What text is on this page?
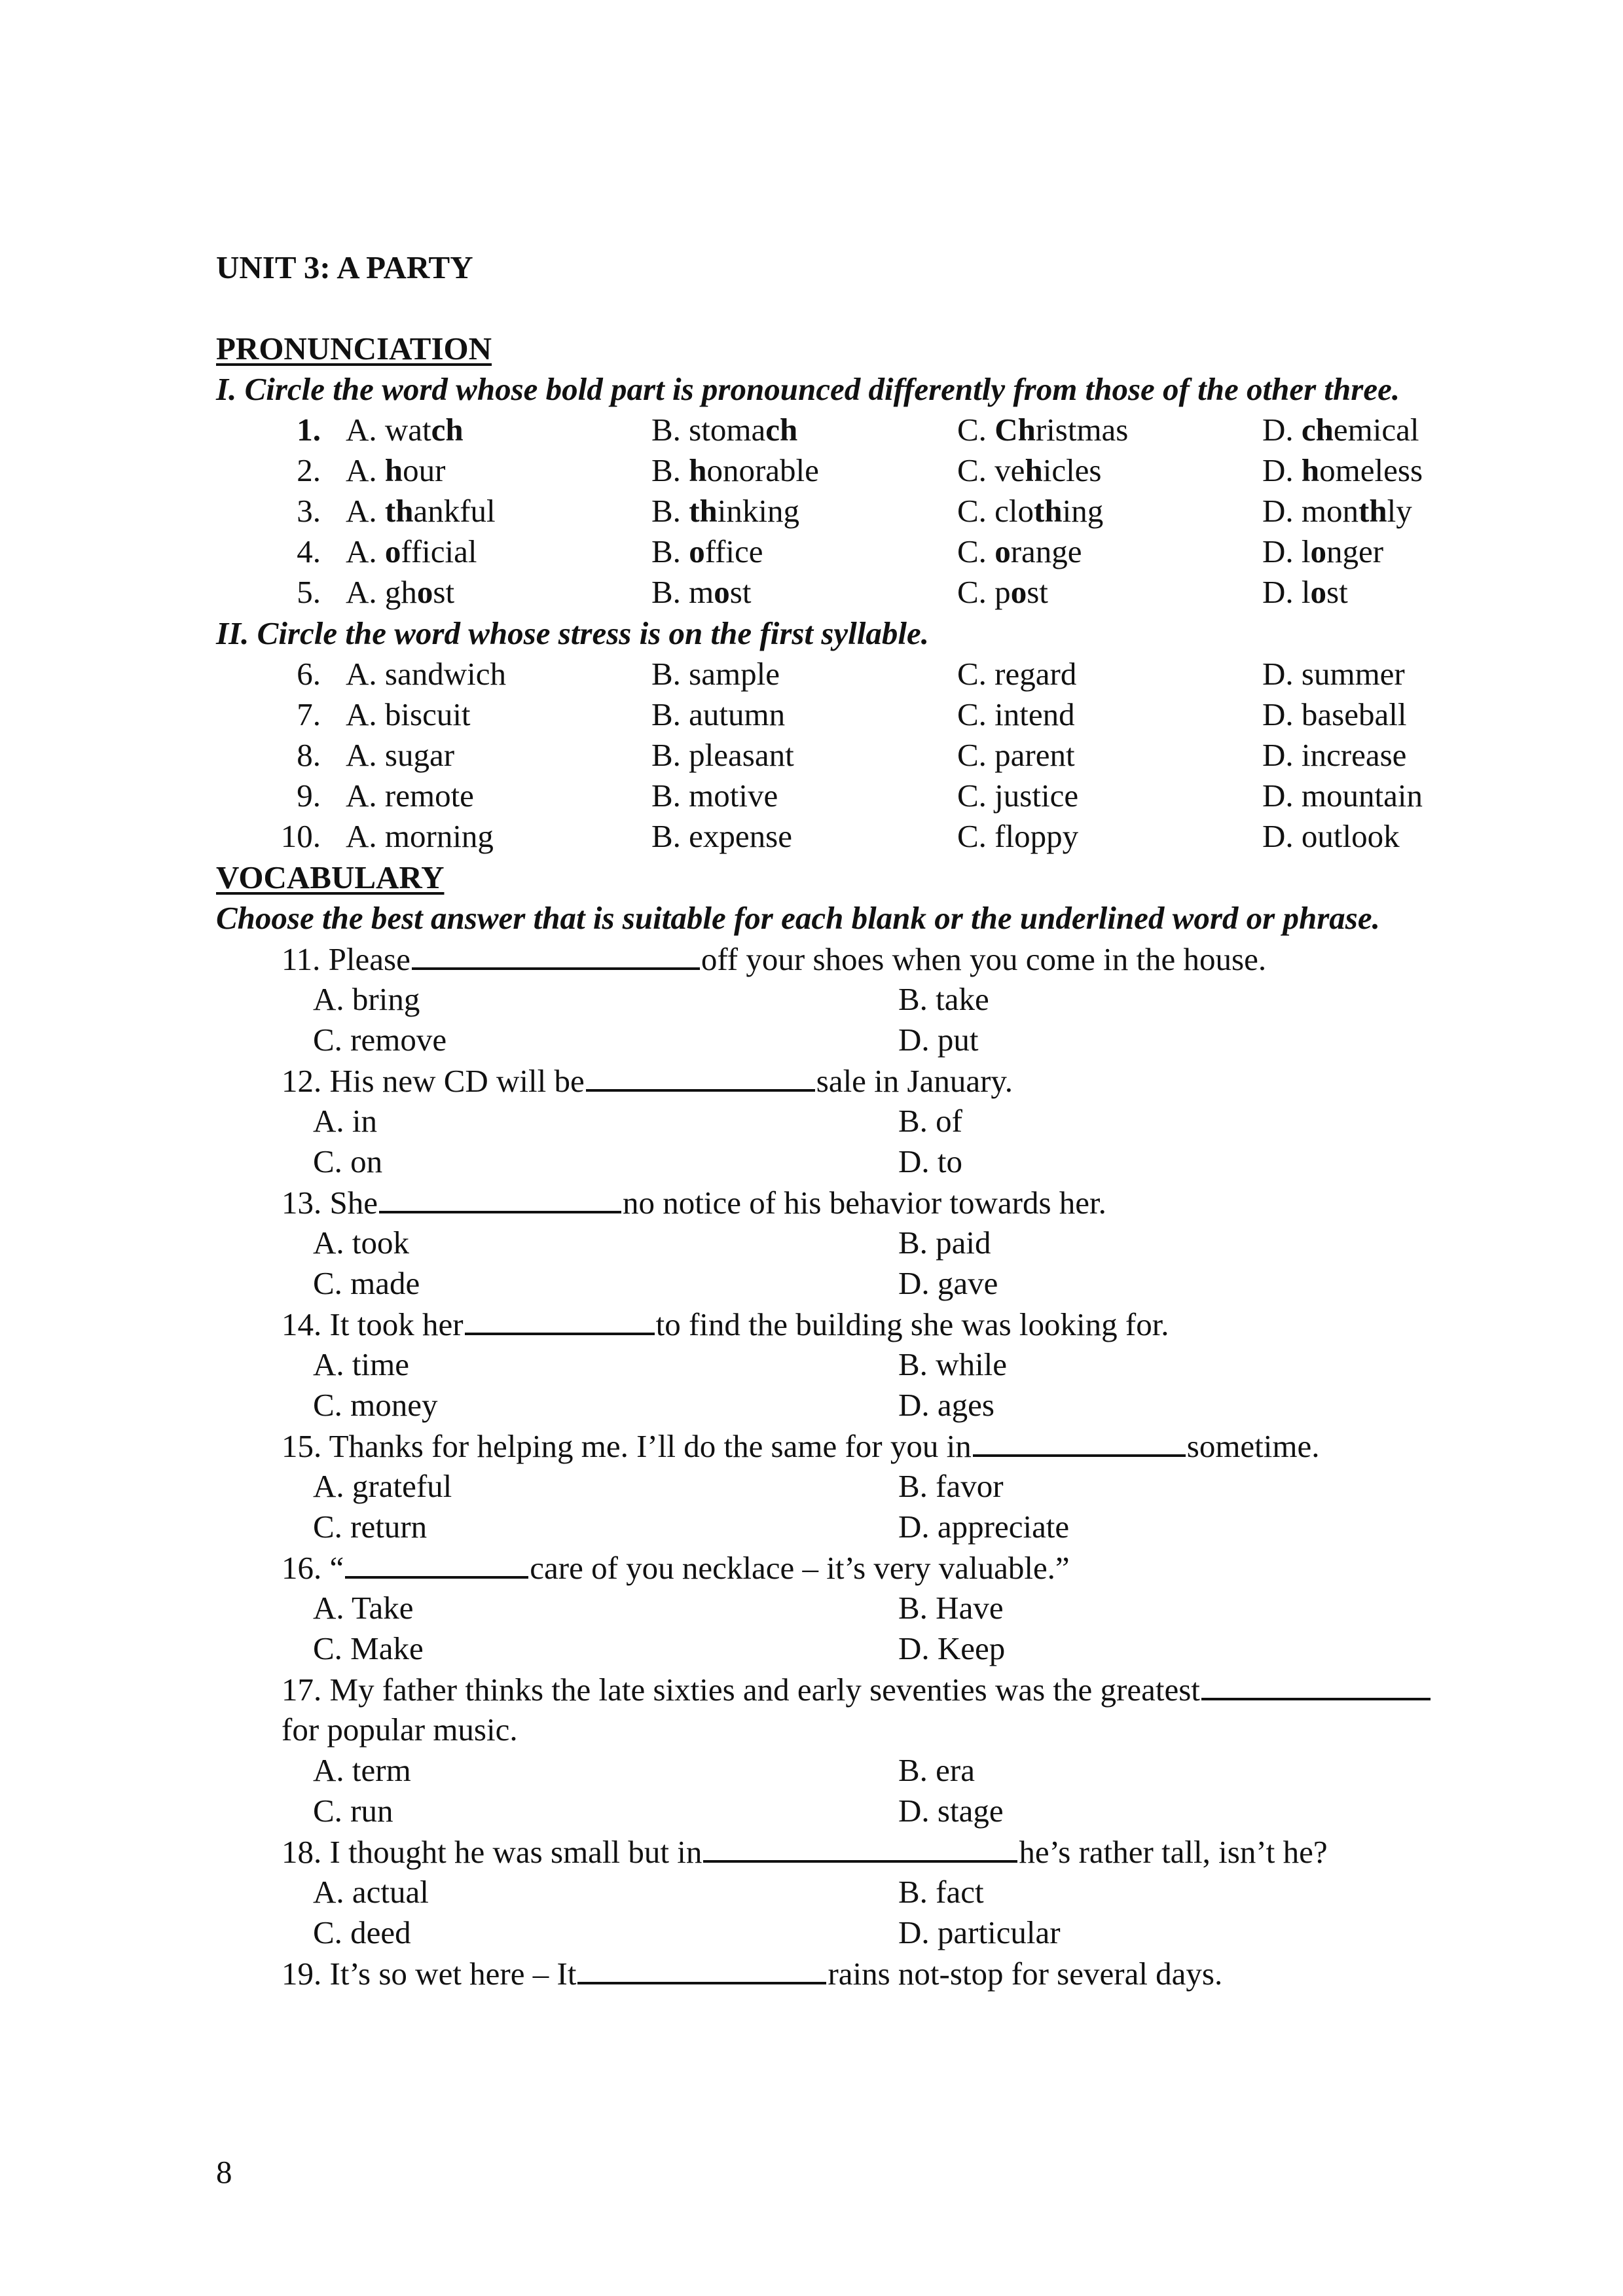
UNIT 3: A PARTY
PRONUNCIATION
I. Circle the word whose bold part is pronounced differently from those of the other three.
1. A. watch	B. stomach	C. Christmas	D. chemical
2. A. hour	B. honorable	C. vehicles	D. homeless
3. A. thankful	B. thinking	C. clothing	D. monthly
4. A. official	B. office	C. orange	D. longer
5. A. ghost	B. most	C. post	D. lost
II. Circle the word whose stress is on the first syllable.
6. A. sandwich	B. sample	C. regard	D. summer
7. A. biscuit	B. autumn	C. intend	D. baseball
8. A. sugar	B. pleasant	C. parent	D. increase
9. A. remote	B. motive	C. justice	D. mountain
10. A. morning	B. expense	C. floppy	D. outlook
VOCABULARY
Choose the best answer that is suitable for each blank or the underlined word or phrase.
11. Please	off your shoes when you come in the house.
A. bring	B. take
C. remove	D. put
12. His new CD will be	sale in January.
A. in	B. of
C. on	D. to
13. She	no notice of his behavior towards her.
A. took	B. paid
C. made	D. gave
14. It took her	to find the building she was looking for.
A. time	B. while
C. money	D. ages
15. Thanks for helping me. I’ll do the same for you in	sometime.
A. grateful	B. favor
C. return	D. appreciate
16. “	care of you necklace – it’s very valuable.”
A. Take	B. Have
C. Make	D. Keep
17. My father thinks the late sixties and early seventies was the greatest
for popular music.
A. term	B. era
C. run	D. stage
18. I thought he was small but in	he’s rather tall, isn’t he?
A. actual	B. fact
C. deed	D. particular
19. It’s so wet here – It	rains not-stop for several days.
8
